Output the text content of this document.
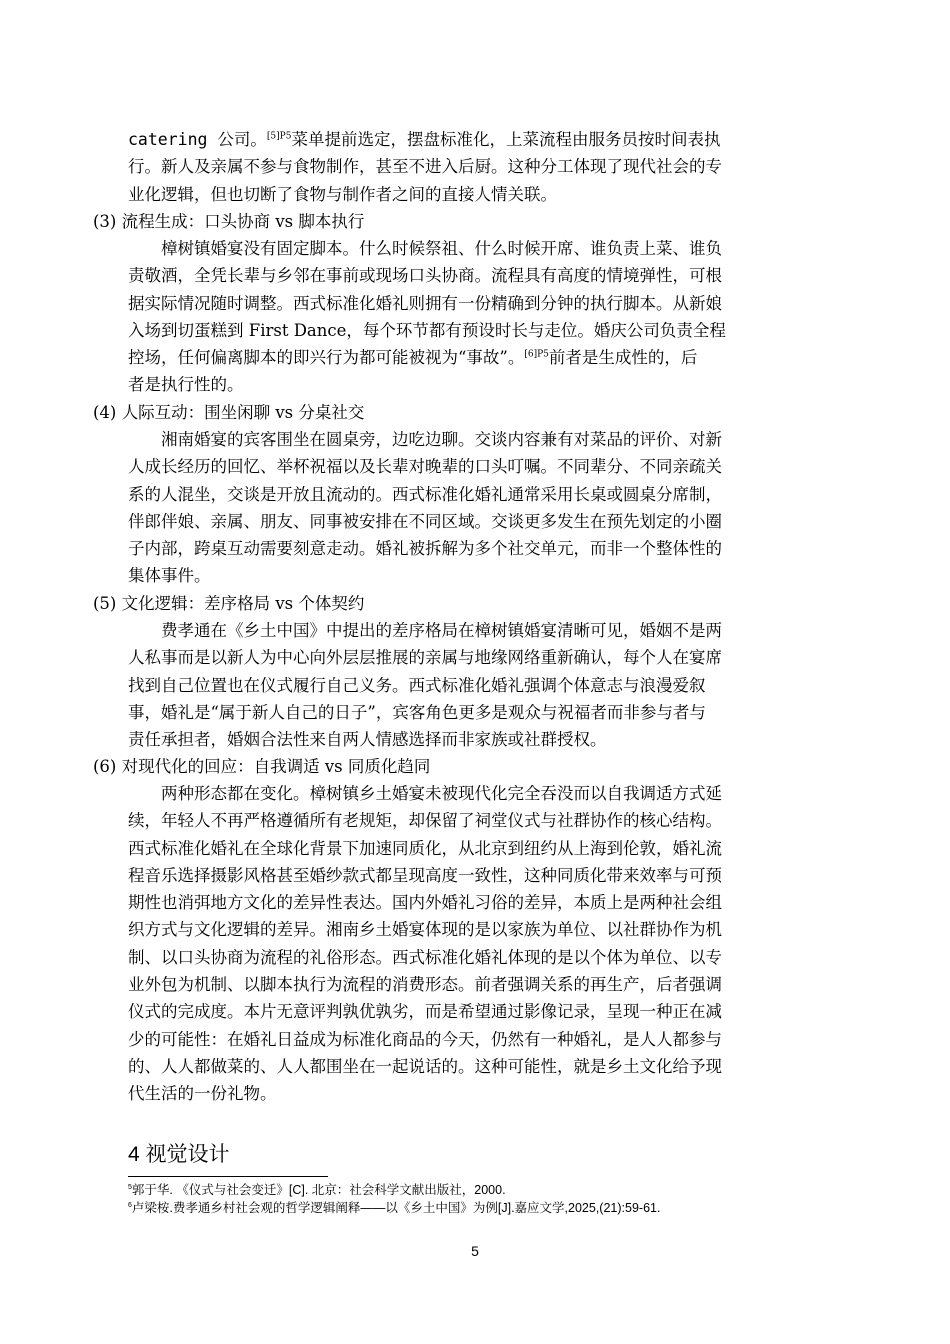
catering 公司。$^{[5]P5}$菜单提前选定，摆盘标准化，上菜流程由服务员按时间表执
行。新人及亲属不参与食物制作，甚至不进入后厨。这种分工体现了现代社会的专
业化逻辑，但也切断了食物与制作者之间的直接人情关联。
(3) 流程生成：口头协商 vs 脚本执行
樟树镇婚宴没有固定脚本。什么时候祭祖、什么时候开席、谁负责上菜、谁负
责敬酒，全凭长辈与乡邻在事前或现场口头协商。流程具有高度的情境弹性，可根
据实际情况随时调整。西式标准化婚礼则拥有一份精确到分钟的执行脚本。从新娘
入场到切蛋糕到 First Dance，每个环节都有预设时长与走位。婚庆公司负责全程
控场，任何偏离脚本的即兴行为都可能被视为“事故”。$^{[6]P5}$前者是生成性的，后
者是执行性的。
(4) 人际互动：围坐闲聊 vs 分桌社交
湘南婚宴的宾客围坐在圆桌旁，边吃边聊。交谈内容兼有对菜品的评价、对新
人成长经历的回忆、举杯祝福以及长辈对晚辈的口头叮嘱。不同辈分、不同亲疏关
系的人混坐，交谈是开放且流动的。西式标准化婚礼通常采用长桌或圆桌分席制，
伴郎伴娘、亲属、朋友、同事被安排在不同区域。交谈更多发生在预先划定的小圈
子内部，跨桌互动需要刻意走动。婚礼被拆解为多个社交单元，而非一个整体性的
集体事件。
(5) 文化逻辑：差序格局 vs 个体契约
费孝通在《乡土中国》中提出的差序格局在樟树镇婚宴清晰可见，婚姻不是两
人私事而是以新人为中心向外层层推展的亲属与地缘网络重新确认，每个人在宴席
找到自己位置也在仪式履行自己义务。西式标准化婚礼强调个体意志与浪漫爱叙
事，婚礼是“属于新人自己的日子”，宾客角色更多是观众与祝福者而非参与者与
责任承担者，婚姻合法性来自两人情感选择而非家族或社群授权。
(6) 对现代化的回应：自我调适 vs 同质化趋同
两种形态都在变化。樟树镇乡土婚宴未被现代化完全吞没而以自我调适方式延
续，年轻人不再严格遵循所有老规矩，却保留了祠堂仪式与社群协作的核心结构。
西式标准化婚礼在全球化背景下加速同质化，从北京到纽约从上海到伦敦，婚礼流
程音乐选择摄影风格甚至婚纱款式都呈现高度一致性，这种同质化带来效率与可预
期性也消弭地方文化的差异性表达。国内外婚礼习俗的差异，本质上是两种社会组
织方式与文化逻辑的差异。湘南乡土婚宴体现的是以家族为单位、以社群协作为机
制、以口头协商为流程的礼俗形态。西式标准化婚礼体现的是以个体为单位、以专
业外包为机制、以脚本执行为流程的消费形态。前者强调关系的再生产，后者强调
仪式的完成度。本片无意评判孰优孰劣，而是希望通过影像记录，呈现一种正在减
少的可能性：在婚礼日益成为标准化商品的今天，仍然有一种婚礼，是人人都参与
的、人人都做菜的、人人都围坐在一起说话的。这种可能性，就是乡土文化给予现
代生活的一份礼物。
4 视觉设计
$^5$郭于华. 《仪式与社会变迁》[C]. 北京：社会科学文献出版社，2000.
$^6$卢梁桉.费孝通乡村社会观的哲学逻辑阐释——以《乡土中国》为例[J].嘉应文学,2025,(21):59-61.
5
